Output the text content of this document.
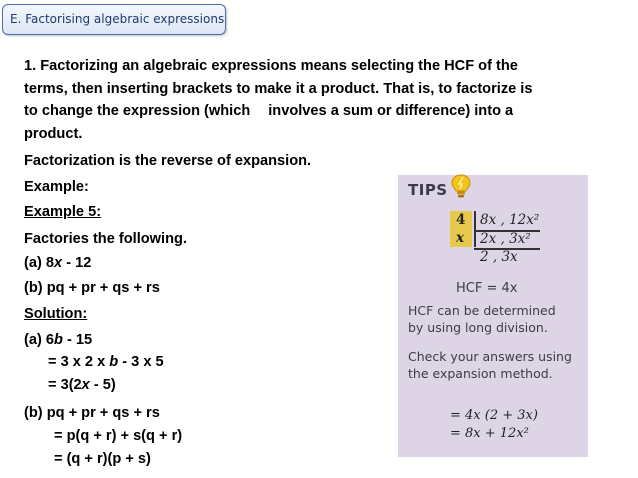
E. Factorising algebraic expressions
1. Factorizing an algebraic expressions means selecting the HCF of the
terms, then inserting brackets to make it a product. That is, to factorize is
to change the expression (which involves a sum or difference) into a
product.
Factorization is the reverse of expansion.
Example:
Example 5:
Factories the following.
(a) 8x - 12
(b) pq + pr + qs + rs
Solution:
(a) 6b - 15
= 3 x 2 x b - 3 x 5
= 3(2x - 5)
(b) pq + pr + qs + rs
= p(q + r) + s(q + r)
= (q + r)(p + s)
TIPS
4
x
8x , 12x²
2x , 3x²
2 , 3x
HCF = 4x
HCF can be determined
by using long division.
Check your answers using
the expansion method.
= 4x (2 + 3x)
= 8x + 12x²
